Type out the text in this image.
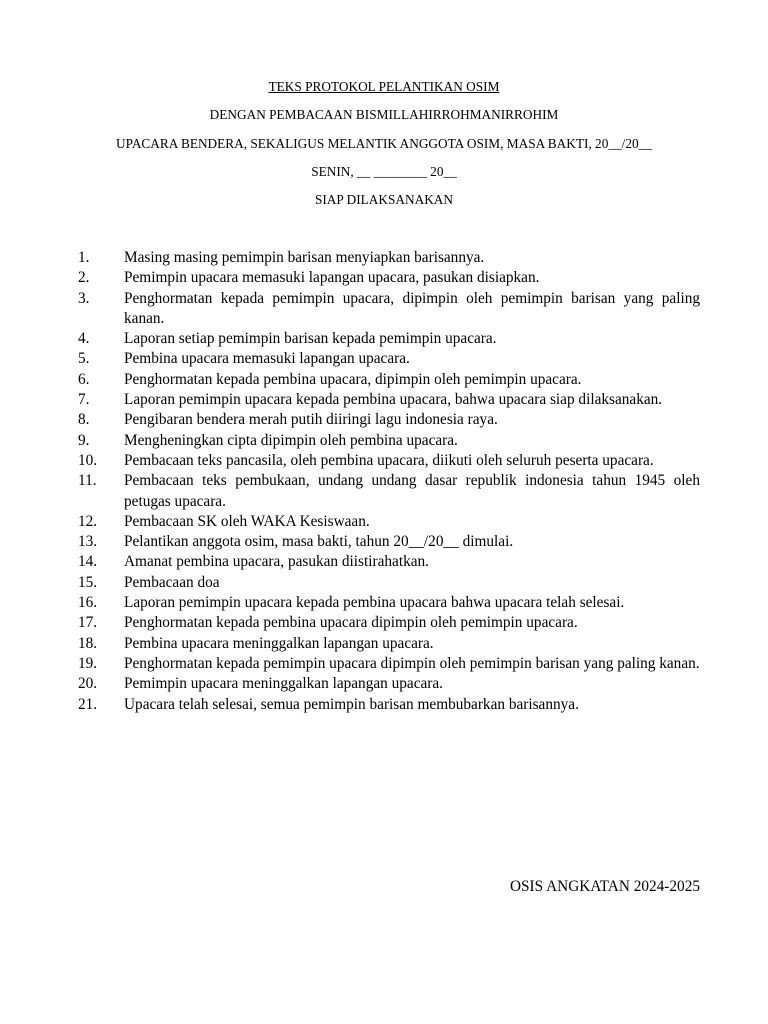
TEKS PROTOKOL PELANTIKAN OSIM
DENGAN PEMBACAAN BISMILLAHIRROHMANIRROHIM
UPACARA BENDERA, SEKALIGUS MELANTIK ANGGOTA OSIM, MASA BAKTI, 20__/20__
SENIN, __ ________ 20__
SIAP DILAKSANAKAN
1.	Masing masing pemimpin barisan menyiapkan barisannya.
2.	Pemimpin upacara memasuki lapangan upacara, pasukan disiapkan.
3.	Penghormatan kepada pemimpin upacara, dipimpin oleh pemimpin barisan yang paling kanan.
4.	Laporan setiap pemimpin barisan kepada pemimpin upacara.
5.	Pembina upacara memasuki lapangan upacara.
6.	Penghormatan kepada pembina upacara, dipimpin oleh pemimpin upacara.
7.	Laporan pemimpin upacara kepada pembina upacara, bahwa upacara siap dilaksanakan.
8.	Pengibaran bendera merah putih diiringi lagu indonesia raya.
9.	Mengheningkan cipta dipimpin oleh pembina upacara.
10.	Pembacaan teks pancasila, oleh pembina upacara, diikuti oleh seluruh peserta upacara.
11.	Pembacaan teks pembukaan, undang undang dasar republik indonesia tahun 1945 oleh petugas upacara.
12.	Pembacaan SK oleh WAKA Kesiswaan.
13.	Pelantikan anggota osim, masa bakti, tahun 20__/20__ dimulai.
14.	Amanat pembina upacara, pasukan diistirahatkan.
15.	Pembacaan doa
16.	Laporan pemimpin upacara kepada pembina upacara bahwa upacara telah selesai.
17.	Penghormatan kepada pembina upacara dipimpin oleh pemimpin upacara.
18.	Pembina upacara meninggalkan lapangan upacara.
19.	Penghormatan kepada pemimpin upacara dipimpin oleh pemimpin barisan yang paling kanan.
20.	Pemimpin upacara meninggalkan lapangan upacara.
21.	Upacara telah selesai, semua pemimpin barisan membubarkan barisannya.
OSIS ANGKATAN 2024-2025
